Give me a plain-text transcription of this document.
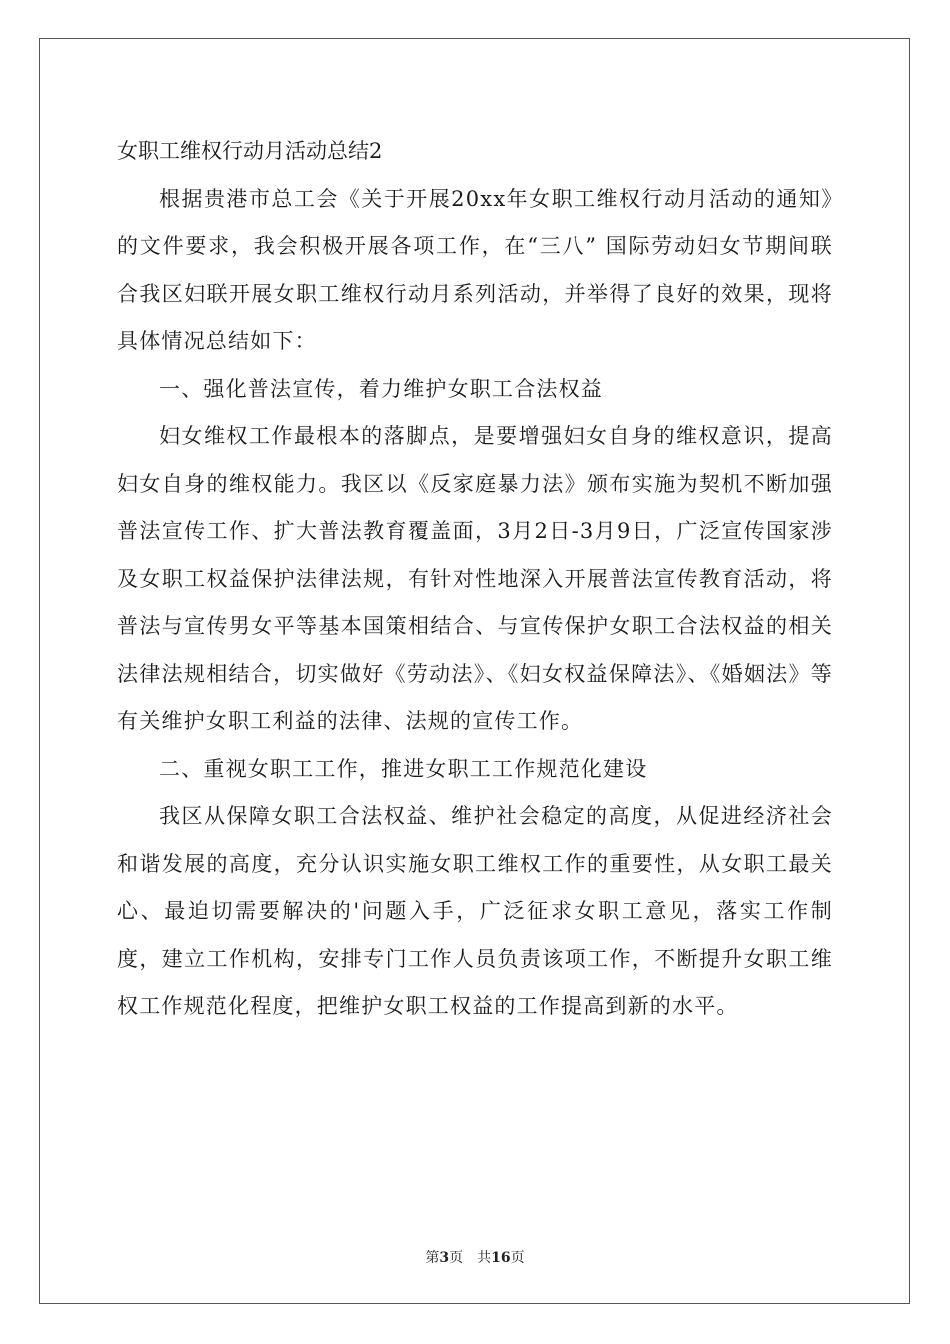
女职工维权行动月活动总结2

根据贵港市总工会《关于开展20xx年女职工维权行动月活动的通知》的文件要求，我会积极开展各项工作，在“三八” 国际劳动妇女节期间联合我区妇联开展女职工维权行动月系列活动，并举得了良好的效果，现将具体情况总结如下：

一、强化普法宣传，着力维护女职工合法权益

妇女维权工作最根本的落脚点，是要增强妇女自身的维权意识，提高妇女自身的维权能力。我区以《反家庭暴力法》颁布实施为契机不断加强普法宣传工作、扩大普法教育覆盖面，3月2日-3月9日，广泛宣传国家涉及女职工权益保护法律法规，有针对性地深入开展普法宣传教育活动，将普法与宣传男女平等基本国策相结合、与宣传保护女职工合法权益的相关法律法规相结合，切实做好《劳动法》、《妇女权益保障法》、《婚姻法》等有关维护女职工利益的法律、法规的宣传工作。

二、重视女职工工作，推进女职工工作规范化建设

我区从保障女职工合法权益、维护社会稳定的高度，从促进经济社会和谐发展的高度，充分认识实施女职工维权工作的重要性，从女职工最关心、最迫切需要解决的'问题入手，广泛征求女职工意见，落实工作制度，建立工作机构，安排专门工作人员负责该项工作，不断提升女职工维权工作规范化程度，把维护女职工权益的工作提高到新的水平。

第3页 共16页
